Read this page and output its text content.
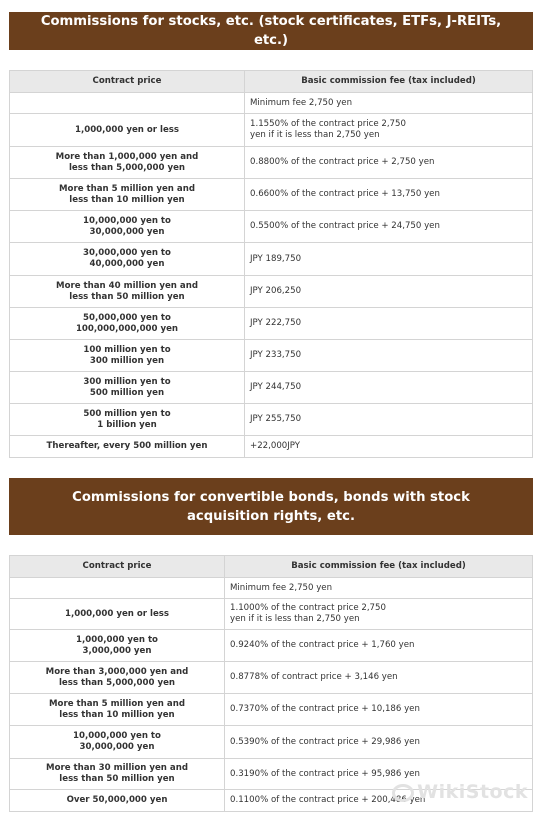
Commissions for stocks, etc. (stock certificates, ETFs, J-REITs, etc.)
Contract price	Basic commission fee (tax included)
	Minimum fee 2,750 yen
1,000,000 yen or less	1.1550% of the contract price 2,750
yen if it is less than 2,750 yen
More than 1,000,000 yen and
less than 5,000,000 yen	0.8800% of the contract price + 2,750 yen
More than 5 million yen and
less than 10 million yen	0.6600% of the contract price + 13,750 yen
10,000,000 yen to
30,000,000 yen	0.5500% of the contract price + 24,750 yen
30,000,000 yen to
40,000,000 yen	JPY 189,750
More than 40 million yen and
less than 50 million yen	JPY 206,250
50,000,000 yen to
100,000,000,000 yen	JPY 222,750
100 million yen to
300 million yen	JPY 233,750
300 million yen to
500 million yen	JPY 244,750
500 million yen to
1 billion yen	JPY 255,750
Thereafter, every 500 million yen	+22,000JPY
Commissions for convertible bonds, bonds with stock acquisition rights, etc.
Contract price	Basic commission fee (tax included)
	Minimum fee 2,750 yen
1,000,000 yen or less	1.1000% of the contract price 2,750
yen if it is less than 2,750 yen
1,000,000 yen to
3,000,000 yen	0.9240% of the contract price + 1,760 yen
More than 3,000,000 yen and
less than 5,000,000 yen	0.8778% of contract price + 3,146 yen
More than 5 million yen and
less than 10 million yen	0.7370% of the contract price + 10,186 yen
10,000,000 yen to
30,000,000 yen	0.5390% of the contract price + 29,986 yen
More than 30 million yen and
less than 50 million yen	0.3190% of the contract price + 95,986 yen
Over 50,000,000 yen	0.1100% of the contract price + 200,486 yen
WikiStock
